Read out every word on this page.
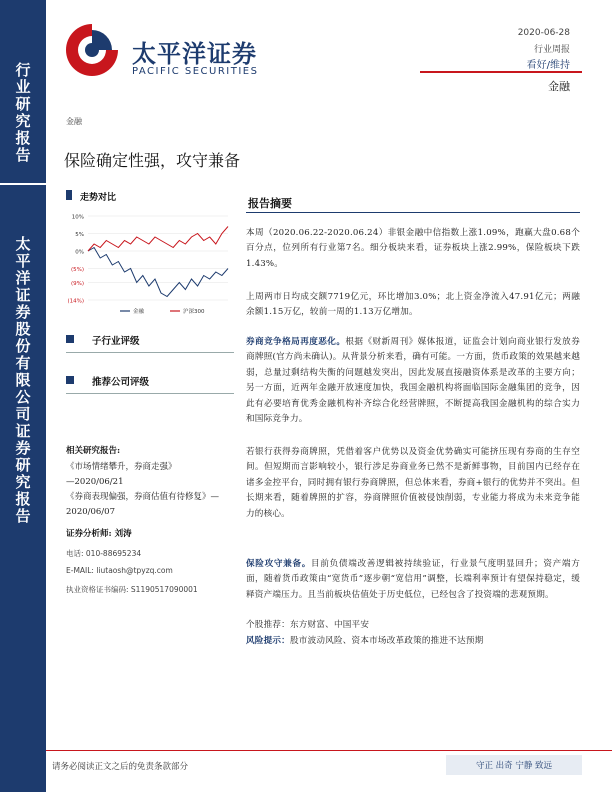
行
业
研
究
报
告
太
平
洋
证
券
股
份
有
限
公
司
证
券
研
究
报
告
太平洋证券
PACIFIC SECURITIES
2020-06-28
行业周报
看好/维持
金融
金融
保险确定性强，攻守兼备
走势对比
10%
5%
0%
(5%)
(9%)
(14%)
金融	沪深300
子行业评级
推荐公司评级
相关研究报告:
《市场情绪攀升，券商走强》
—2020/06/21
《券商表现偏强，券商估值有待修复》—2020/06/07
证券分析师: 刘涛
电话: 010-88695234
E-MAIL: liutaosh@tpyzq.com
执业资格证书编码: S1190517090001
报告摘要
本周（2020.06.22-2020.06.24）非银金融中信指数上涨1.09%，跑赢大盘0.68个百分点，位列所有行业第7名。细分板块来看，证券板块上涨2.99%，保险板块下跌1.43%。
上周两市日均成交额7719亿元，环比增加3.0%；北上资金净流入47.91亿元；两融余额1.15万亿，较前一周的1.13万亿增加。
券商竞争格局再度恶化。根据《财新周刊》媒体报道，证监会计划向商业银行发放券商牌照(官方尚未确认)。从背景分析来看，确有可能。一方面，货币政策的效果越来越弱，总量过剩结构失衡的问题越发突出，因此发展直接融资体系是改革的主要方向；另一方面，近两年金融开放速度加快，我国金融机构将面临国际金融集团的竞争，因此有必要培育优秀金融机构补齐综合化经营牌照，不断提高我国金融机构的综合实力和国际竞争力。
若银行获得券商牌照，凭借着客户优势以及资金优势确实可能挤压现有券商的生存空间。但短期而言影响较小，银行涉足券商业务已然不是新鲜事物，目前国内已经存在诸多金控平台，同时拥有银行券商牌照，但总体来看，券商+银行的优势并不突出。但长期来看，随着牌照的扩容，券商牌照价值被侵蚀削弱，专业能力将成为未来竞争能力的核心。
保险攻守兼备。目前负债端改善逻辑被持续验证，行业景气度明显回升；资产端方面，随着货币政策由“宽货币”逐步朝“宽信用”调整，长端利率预计有望保持稳定，缓释资产端压力。且当前板块估值处于历史低位，已经包含了投资端的悲观预期。
个股推荐：东方财富、中国平安
风险提示：股市波动风险、资本市场改革政策的推进不达预期
请务必阅读正文之后的免责条款部分	守正 出奇 宁静 致远
